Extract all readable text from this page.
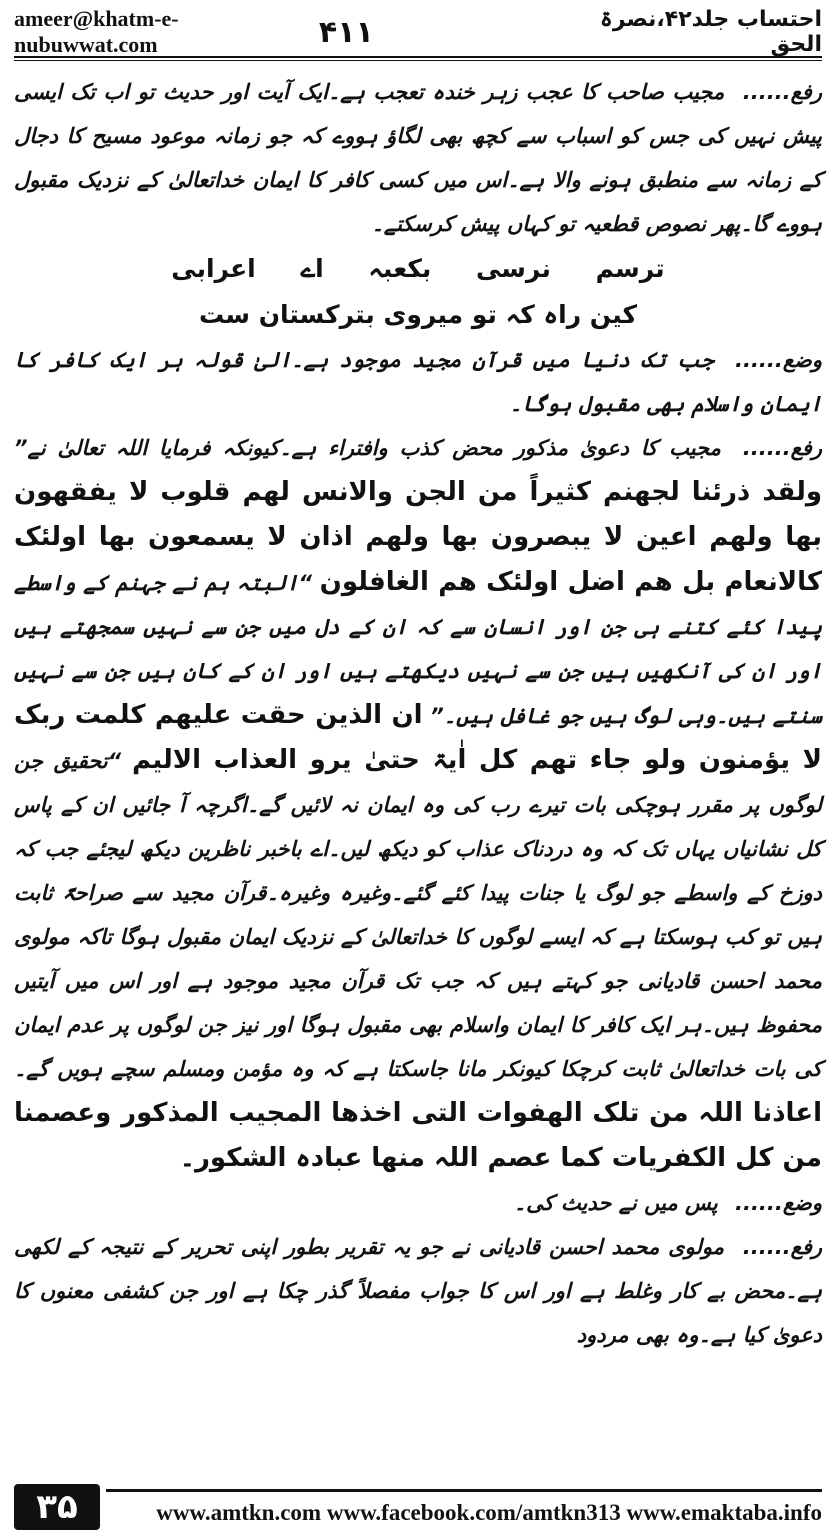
ameer@khatm-e-nubuwwat.com	۴۱۱	احتساب جلد۴۲،نصرۃ الحق

رفع...... مجیب صاحب کا عجب زہر خندہ تعجب ہے۔ایک آیت اور حدیث تو اب تک ایسی پیش نہیں کی جس کو اسباب سے کچھ بھی لگاؤ ہووے کہ جو زمانہ موعود مسیح کا دجال کے زمانہ سے منطبق ہونے والا ہے۔اس میں کسی کافر کا ایمان خداتعالیٰ کے نزدیک مقبول ہووے گا۔پھر نصوص قطعیہ تو کہاں پیش کرسکتے۔

ترسم نرسی بکعبہ اے اعرابی

کین راہ کہ تو میروی بترکستان ست

وضع...... جب تک دنیا میں قرآن مجید موجود ہے۔الیٰ قولہ ہر ایک کافر کا ایمان واسلام بھی مقبول ہوگا۔

رفع...... مجیب کا دعویٰ مذکور محض کذب وافتراء ہے۔کیونکہ فرمایا اللہ تعالیٰ نے” ولقد ذرئنا لجھنم کثیراً من الجن والانس لھم قلوب لا یفقھون بھا ولھم اعین لا یبصرون بھا ولھم اذان لا یسمعون بھا اولئک کالانعام بل ھم اضل اولئک ھم الغافلون “البتہ ہم نے جہنم کے واسطے پیدا کئے کتنے ہی جن اور انسان سے کہ ان کے دل میں جن سے نہیں سمجھتے ہیں اور ان کی آنکھیں ہیں جن سے نہیں دیکھتے ہیں اور ان کے کان ہیں جن سے نہیں سنتے ہیں۔وہی لوگ ہیں جو غافل ہیں۔” ان الذین حقت علیھم کلمت ربک لا یؤمنون ولو جاء تھم کل اٰیۃ حتیٰ یرو العذاب الالیم “تحقیق جن لوگوں پر مقرر ہوچکی بات تیرے رب کی وہ ایمان نہ لائیں گے۔اگرچہ آ جائیں ان کے پاس کل نشانیاں یہاں تک کہ وہ دردناک عذاب کو دیکھ لیں۔اے باخبر ناظرین دیکھ لیجئے جب کہ دوزخ کے واسطے جو لوگ یا جنات پیدا کئے گئے۔وغیرہ وغیرہ۔قرآن مجید سے صراحۃً ثابت ہیں تو کب ہوسکتا ہے کہ ایسے لوگوں کا خداتعالیٰ کے نزدیک ایمان مقبول ہوگا تاکہ مولوی محمد احسن قادیانی جو کہتے ہیں کہ جب تک قرآن مجید موجود ہے اور اس میں آیتیں محفوظ ہیں۔ہر ایک کافر کا ایمان واسلام بھی مقبول ہوگا اور نیز جن لوگوں پر عدم ایمان کی بات خداتعالیٰ ثابت کرچکا کیونکر مانا جاسکتا ہے کہ وہ مؤمن ومسلم سچے ہویں گے۔ اعاذنا اللہ من تلک الھفوات التی اخذھا المجیب المذکور وعصمنا من کل الکفریات کما عصم اللہ منھا عبادہ الشکور۔

وضع...... پس میں نے حدیث کی۔

رفع...... مولوی محمد احسن قادیانی نے جو یہ تقریر بطور اپنی تحریر کے نتیجہ کے لکھی ہے۔محض بے کار وغلط ہے اور اس کا جواب مفصلاً گذر چکا ہے اور جن کشفی معنوں کا دعویٰ کیا ہے۔وہ بھی مردود

۳۵	www.amtkn.com www.facebook.com/amtkn313 www.emaktaba.info
